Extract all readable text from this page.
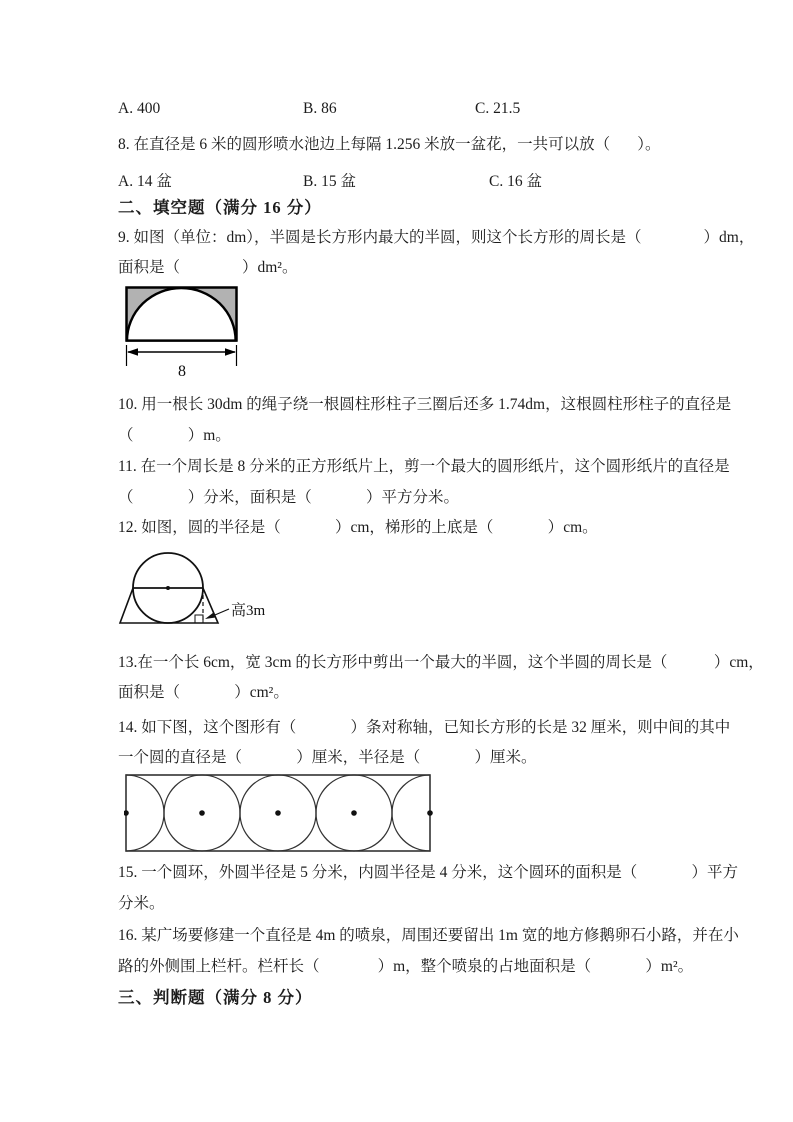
A. 400	B. 86	C. 21.5
8. 在直径是 6 米的圆形喷水池边上每隔 1.256 米放一盆花，一共可以放（       ）。
A. 14 盆	B. 15 盆	C. 16 盆
二、填空题（满分 16 分）
9. 如图（单位：dm），半圆是长方形内最大的半圆，则这个长方形的周长是（                ）dm，
面积是（                ）dm²。
8
10. 用一根长 30dm 的绳子绕一根圆柱形柱子三圈后还多 1.74dm，这根圆柱形柱子的直径是
（              ）m。
11. 在一个周长是 8 分米的正方形纸片上，剪一个最大的圆形纸片，这个圆形纸片的直径是
（              ）分米，面积是（              ）平方分米。
12. 如图，圆的半径是（              ）cm，梯形的上底是（              ）cm。
高3m
13.在一个长 6cm，宽 3cm 的长方形中剪出一个最大的半圆，这个半圆的周长是（            ）cm，
面积是（              ）cm²。
14. 如下图，这个图形有（              ）条对称轴，已知长方形的长是 32 厘米，则中间的其中
一个圆的直径是（              ）厘米，半径是（              ）厘米。
15. 一个圆环，外圆半径是 5 分米，内圆半径是 4 分米，这个圆环的面积是（              ）平方
分米。
16. 某广场要修建一个直径是 4m 的喷泉，周围还要留出 1m 宽的地方修鹅卵石小路，并在小
路的外侧围上栏杆。栏杆长（               ）m，整个喷泉的占地面积是（              ）m²。
三、判断题（满分 8 分）
